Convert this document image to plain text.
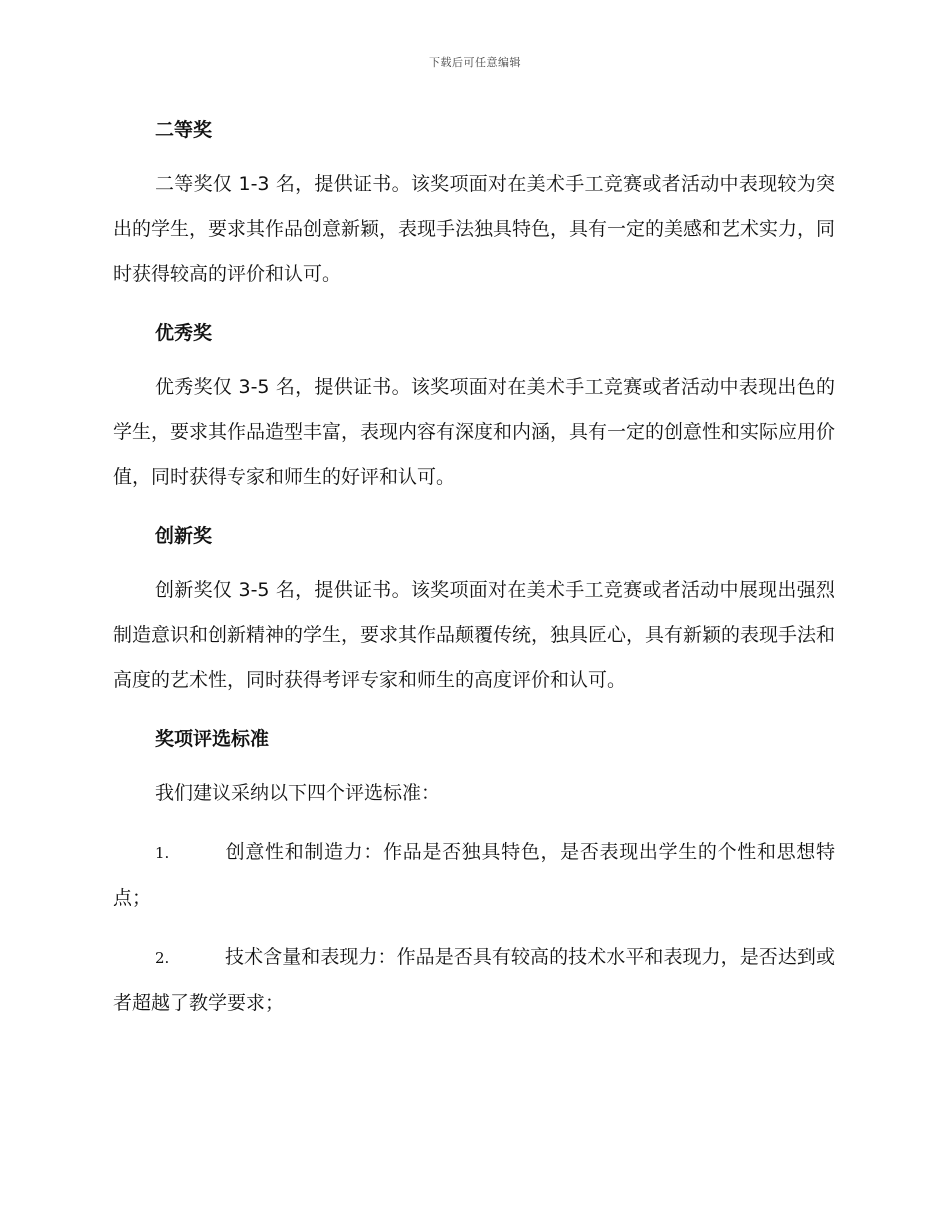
下载后可任意编辑
二等奖
二等奖仅 1-3 名，提供证书。该奖项面对在美术手工竞赛或者活动中表现较为突出的学生，要求其作品创意新颖，表现手法独具特色，具有一定的美感和艺术实力，同时获得较高的评价和认可。
优秀奖
优秀奖仅 3-5 名，提供证书。该奖项面对在美术手工竞赛或者活动中表现出色的学生，要求其作品造型丰富，表现内容有深度和内涵，具有一定的创意性和实际应用价值，同时获得专家和师生的好评和认可。
创新奖
创新奖仅 3-5 名，提供证书。该奖项面对在美术手工竞赛或者活动中展现出强烈制造意识和创新精神的学生，要求其作品颠覆传统，独具匠心，具有新颖的表现手法和高度的艺术性，同时获得考评专家和师生的高度评价和认可。
奖项评选标准
我们建议采纳以下四个评选标准：
1.	创意性和制造力：作品是否独具特色，是否表现出学生的个性和思想特点；
2.	技术含量和表现力：作品是否具有较高的技术水平和表现力，是否达到或者超越了教学要求；
